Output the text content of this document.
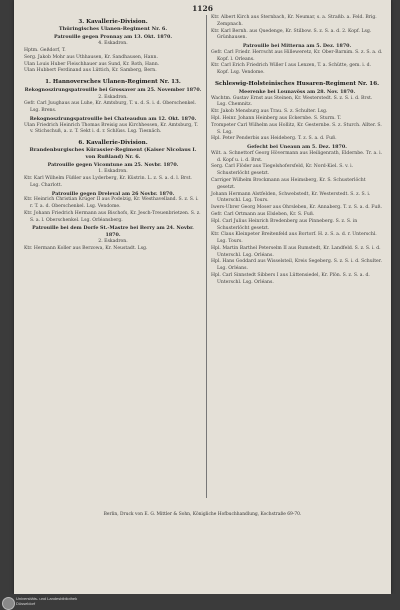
1126
3. Kavallerie-Division.
Thüringisches Ulanen-Regiment Nr. 6.
Patrouille gegen Pronnay am 13. Okt. 1870.
4. Eskadron.
Hptm. Geßdorf, T.
Serg. Jakob Mohr aus Uthhausen, Kr. Sandhausen, Hann.
Ulan Louis Huber Fleischhauer aus Sund, Kr. Roth, Hann.
Ulan Hubbert Ferdinand aus Lüttich, Kr. Samberg, Bern.
1. Hannoversches Ulanen-Regiment Nr. 13.
Rekognoszirungspatrouille bei Grossaver am 25. November 1870.
2. Eskadron.
Gefr. Carl Juughaus aus Luhe, Kr. Amtsburg, T. u. d. S. i. d. Oberschenkel. Lsg. Brens.
Rekognoszirungspatrouille bei Chateaudun am 12. Okt. 1870.
Ulan Friedrich Heinrich Thomas Breisig aus Kirchhessen, Kr. Amtsburg, T. v. Stichschuß, a. z. T. Sekt i. d. r. Schlüss. Lsg. Tiesnäch.
6. Kavallerie-Division.
Brandenburgisches Kürassier-Regiment (Kaiser Nicolaus I. von Rußland) Nr. 6.
Patrouille gegen Vicomtune am 25. Novbr. 1870.
1. Eskadron.
Ktr. Karl Wilhelm Füßler aus Lyderberg, Kr. Küstrin. L. z. S. a. d. l. Brst. Lsg. Charlott.
Patrouille gegen Dreleval am 26 Novbr. 1870.
Ktr. Heinrich Christian Krüger II aus Podelzig, Kr. Westhavelland. S. z. S. i. r. T. a. d. Oberschenkel. Lsg. Vendome.
Ktr. Johann Friedrich Hermann aus Bischofs, Kr. Jesch-Treuenbrietzen. S. z. S. a. l. Oberschenkel. Lsg. Orléansberg.
Patrouille bei dem Dorfe St.-Mastre bei Berry am 24. Novbr. 1870.
2. Eskadron.
Ktr. Hermann Koller aus Berzowa, Kr. Neustadt. Lsg.
Ktr. Albert Kirch aus Sternbach, Kr. Neumar, s. a. Straßb. a. Feld. Brig. Zempnach.
Ktr. Karl Bernh. aus Quedenge, Kr. Stilbow. S. z. S. a. d. 2. Kopf. Lsg. Grünhausen.
Patrouille bei Mitterna am 5. Dez. 1870.
Gefr. Carl Friedr. Herrscht aus Hilleweretz, Kr. Ober-Barnim. S. z. S. a. d. Kopf. l. Orleans.
Ktr. Carl Erich Friedrich Willer I aus Lenzen, T. a. Schütte, gem. i. d. Kopf. Lsg. Vendome.
Schleswig-Holsteinisches Husaren-Regiment Nr. 16.
Meerenke bei Lounavöss am 28. Nov. 1870.
Wachtm. Gustav Ernst aus Steinen, Kr. Westerstedt. S. z. S. i. d. Brst. Lsg. Chemnitz.
Ktr. Jakob Mensburg aus Trau. S. z. Schulter. Lsg.
Hpl. Heinr. Johann Heinberg aus Eckernbe. S. Sturm. T.
Trompeter Carl Wilhelm aus Hollitz, Kr. Gesternbe. S. z. Sturch. Allter. S. S. Lsg.
Hpl. Peter Penderbis aus Heideberg. T. z. S. a. d. Fuß.
Gefecht bei Uneaun am 5. Dez. 1870.
Wilt. a. Schnettorf Georg Hövermann aus Heiligenrath, Eldernbe. Tr. a. i. d. Kopf u. i. d. Brst.
Serg. Carl Flöder aus Tiegelshofersfeld, Kr. Nord-Kiel. S. v. i. Schusterlöcht gesetzt.
Carriger Wilhelm Brockmann aus Heimsberg, Kr. S. Schusterlöcht gesetzt.
Johann Hermann Alstfelden, Schwebstedt, Kr. Westerstedt. S. z. S. i. Unterschl. Lsg. Tours.
Iwers-Ubrer Georg Moser aus Ohrsleben, Kr. Annaberg. T. z. S. a. d. Fuß.
Gefr. Carl Ortmann aus Elsleben, Kr. S. Fuß.
Hpl. Carl Julius Heinrich Bredenberg aus Pinneberg. S. z. S. in Schusterlöcht gesetzt.
Ktr. Claus Kleinpeter Breitenfeld aus Bortorf. H. z. S. a. d. r. Unterschl. Lsg. Tours.
Hpl. Martin Barthel Peterselm II aus Rumstedt, Kr. Landfeld. S. z. S. i. d. Unterschl. Lsg. Orléans.
Hpl. Hans Goddard aus Wisselsteil, Kreis Segeberg. S. z. S. i. d. Schulter. Lsg. Orléans.
Hpl. Carl Sinnstedt Sibbers I aus Lüttensiedel, Kr. Plön. S. z. S. a. d. Unterschl. Lsg. Orléans.
Berlin, Druck von E. G. Mittler & Sohn, Königliche Hofbuchhandlung, Kochstraße 69-70.
Universitäts- und Landesbibliothek Düsseldorf
